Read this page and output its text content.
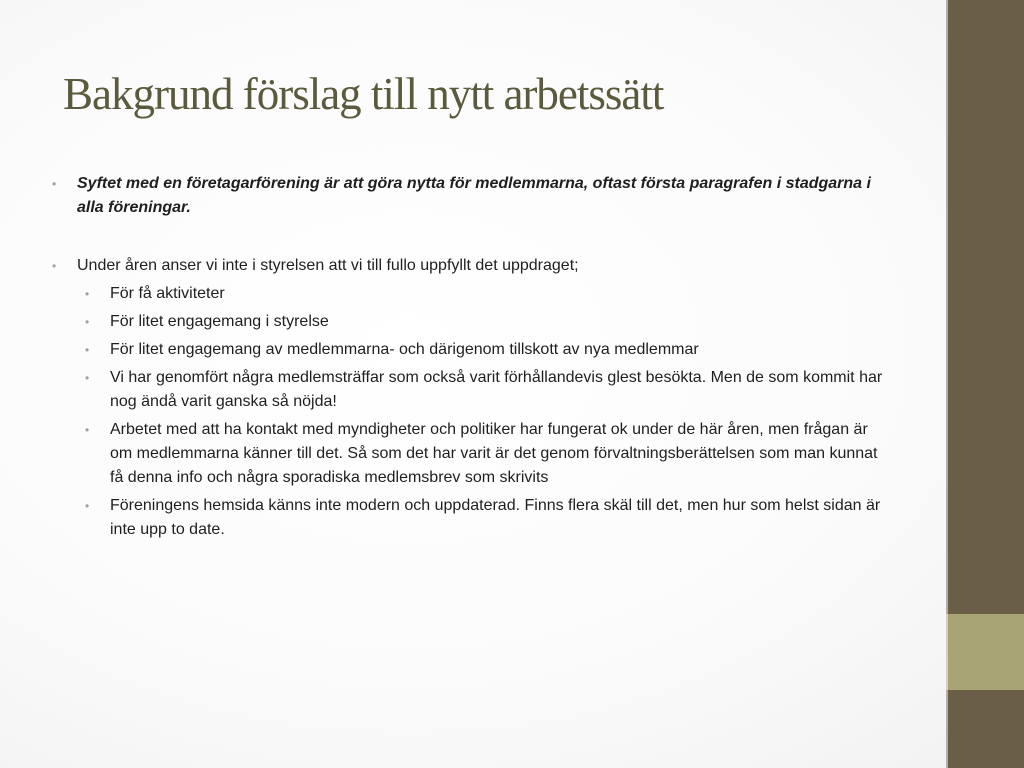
Bakgrund förslag till nytt arbetssätt
• Syftet med en företagarförening är att göra nytta för medlemmarna, oftast första paragrafen i stadgarna i alla föreningar.
• Under åren anser vi inte i styrelsen att vi till fullo uppfyllt det uppdraget;
• För få aktiviteter
• För litet engagemang i styrelse
• För litet engagemang av medlemmarna- och därigenom tillskott av nya medlemmar
• Vi har genomfört några medlemsträffar som också varit förhållandevis glest besökta. Men de som kommit har nog ändå varit ganska så nöjda!
• Arbetet med att ha kontakt med myndigheter och politiker har fungerat ok under de här åren, men frågan är om medlemmarna känner till det. Så som det har varit är det genom förvaltningsberättelsen som man kunnat få denna info och några sporadiska medlemsbrev som skrivits
• Föreningens hemsida känns inte modern och uppdaterad. Finns flera skäl till det, men hur som helst sidan är inte upp to date.
